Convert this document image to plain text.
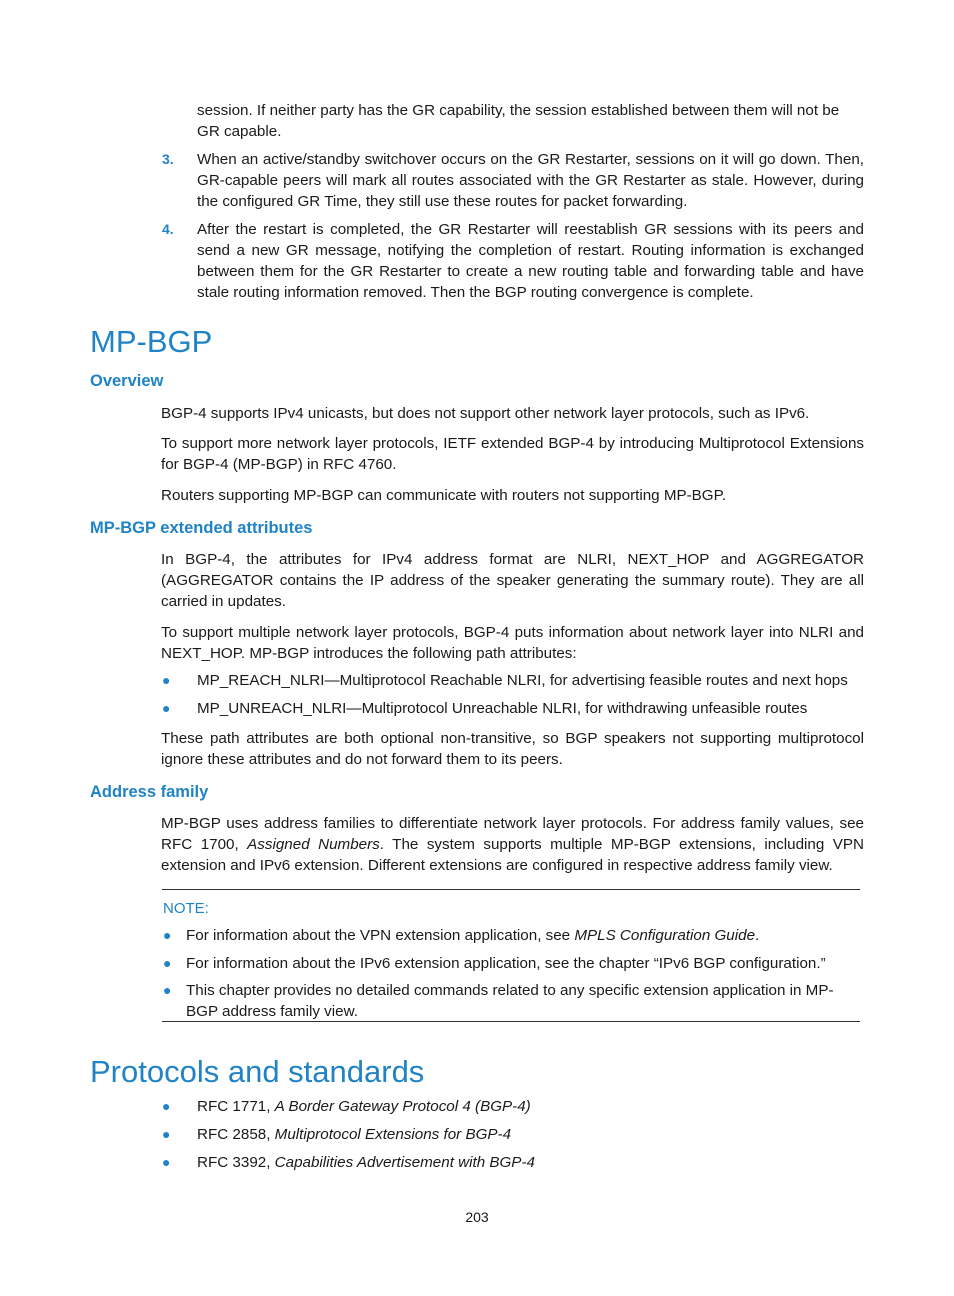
session. If neither party has the GR capability, the session established between them will not be GR capable.
3. When an active/standby switchover occurs on the GR Restarter, sessions on it will go down. Then, GR-capable peers will mark all routes associated with the GR Restarter as stale. However, during the configured GR Time, they still use these routes for packet forwarding.
4. After the restart is completed, the GR Restarter will reestablish GR sessions with its peers and send a new GR message, notifying the completion of restart. Routing information is exchanged between them for the GR Restarter to create a new routing table and forwarding table and have stale routing information removed. Then the BGP routing convergence is complete.
MP-BGP
Overview
BGP-4 supports IPv4 unicasts, but does not support other network layer protocols, such as IPv6.
To support more network layer protocols, IETF extended BGP-4 by introducing Multiprotocol Extensions for BGP-4 (MP-BGP) in RFC 4760.
Routers supporting MP-BGP can communicate with routers not supporting MP-BGP.
MP-BGP extended attributes
In BGP-4, the attributes for IPv4 address format are NLRI, NEXT_HOP and AGGREGATOR (AGGREGATOR contains the IP address of the speaker generating the summary route). They are all carried in updates.
To support multiple network layer protocols, BGP-4 puts information about network layer into NLRI and NEXT_HOP. MP-BGP introduces the following path attributes:
● MP_REACH_NLRI—Multiprotocol Reachable NLRI, for advertising feasible routes and next hops
● MP_UNREACH_NLRI—Multiprotocol Unreachable NLRI, for withdrawing unfeasible routes
These path attributes are both optional non-transitive, so BGP speakers not supporting multiprotocol ignore these attributes and do not forward them to its peers.
Address family
MP-BGP uses address families to differentiate network layer protocols. For address family values, see RFC 1700, Assigned Numbers. The system supports multiple MP-BGP extensions, including VPN extension and IPv6 extension. Different extensions are configured in respective address family view.
NOTE:
● For information about the VPN extension application, see MPLS Configuration Guide.
● For information about the IPv6 extension application, see the chapter “IPv6 BGP configuration.”
● This chapter provides no detailed commands related to any specific extension application in MP-BGP address family view.
Protocols and standards
● RFC 1771, A Border Gateway Protocol 4 (BGP-4)
● RFC 2858, Multiprotocol Extensions for BGP-4
● RFC 3392, Capabilities Advertisement with BGP-4
203
